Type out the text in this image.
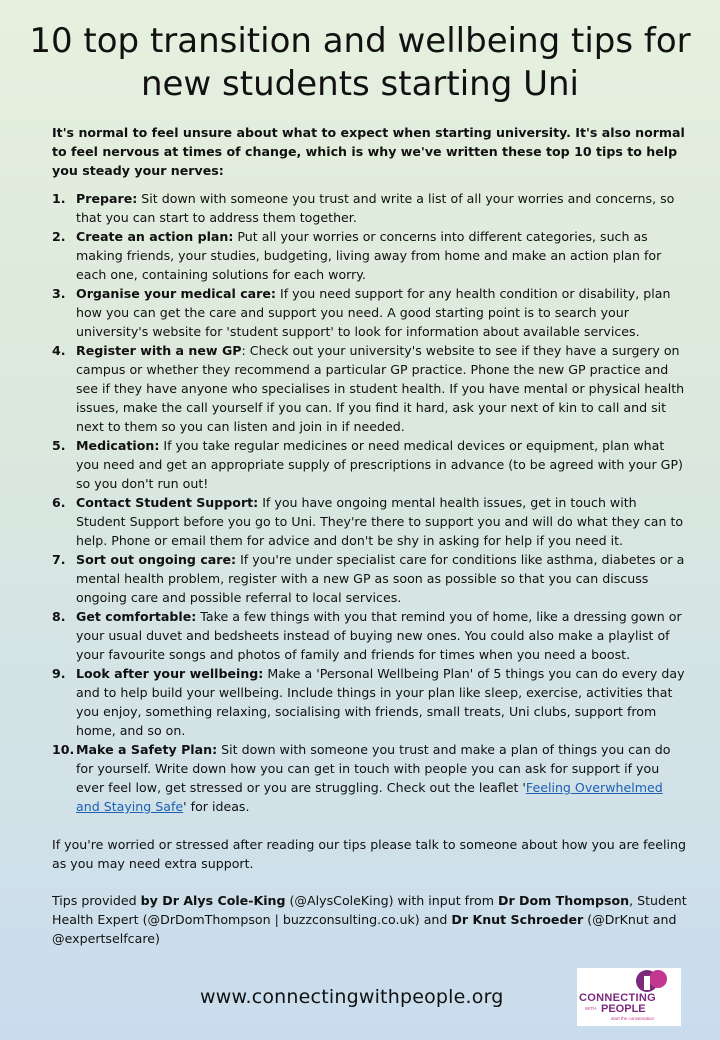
10 top transition and wellbeing tips for
new students starting Uni

It's normal to feel unsure about what to expect when starting university. It's also normal to feel nervous at times of change, which is why we've written these top 10 tips to help you steady your nerves:

1. Prepare: Sit down with someone you trust and write a list of all your worries and concerns, so that you can start to address them together.
2. Create an action plan: Put all your worries or concerns into different categories, such as making friends, your studies, budgeting, living away from home and make an action plan for each one, containing solutions for each worry.
3. Organise your medical care: If you need support for any health condition or disability, plan how you can get the care and support you need. A good starting point is to search your university's website for 'student support' to look for information about available services.
4. Register with a new GP: Check out your university's website to see if they have a surgery on campus or whether they recommend a particular GP practice. Phone the new GP practice and see if they have anyone who specialises in student health. If you have mental or physical health issues, make the call yourself if you can. If you find it hard, ask your next of kin to call and sit next to them so you can listen and join in if needed.
5. Medication: If you take regular medicines or need medical devices or equipment, plan what you need and get an appropriate supply of prescriptions in advance (to be agreed with your GP) so you don't run out!
6. Contact Student Support: If you have ongoing mental health issues, get in touch with Student Support before you go to Uni. They're there to support you and will do what they can to help. Phone or email them for advice and don't be shy in asking for help if you need it.
7. Sort out ongoing care: If you're under specialist care for conditions like asthma, diabetes or a mental health problem, register with a new GP as soon as possible so that you can discuss ongoing care and possible referral to local services.
8. Get comfortable: Take a few things with you that remind you of home, like a dressing gown or your usual duvet and bedsheets instead of buying new ones. You could also make a playlist of your favourite songs and photos of family and friends for times when you need a boost.
9. Look after your wellbeing: Make a 'Personal Wellbeing Plan' of 5 things you can do every day and to help build your wellbeing. Include things in your plan like sleep, exercise, activities that you enjoy, something relaxing, socialising with friends, small treats, Uni clubs, support from home, and so on.
10. Make a Safety Plan: Sit down with someone you trust and make a plan of things you can do for yourself. Write down how you can get in touch with people you can ask for support if you ever feel low, get stressed or you are struggling. Check out the leaflet 'Feeling Overwhelmed and Staying Safe' for ideas.

If you're worried or stressed after reading our tips please talk to someone about how you are feeling as you may need extra support.

Tips provided by Dr Alys Cole-King (@AlysColeKing) with input from Dr Dom Thompson, Student Health Expert (@DrDomThompson | buzzconsulting.co.uk) and Dr Knut Schroeder (@DrKnut and @expertselfcare)

www.connectingwithpeople.org	CONNECTING
WITH PEOPLE
start the conversation
